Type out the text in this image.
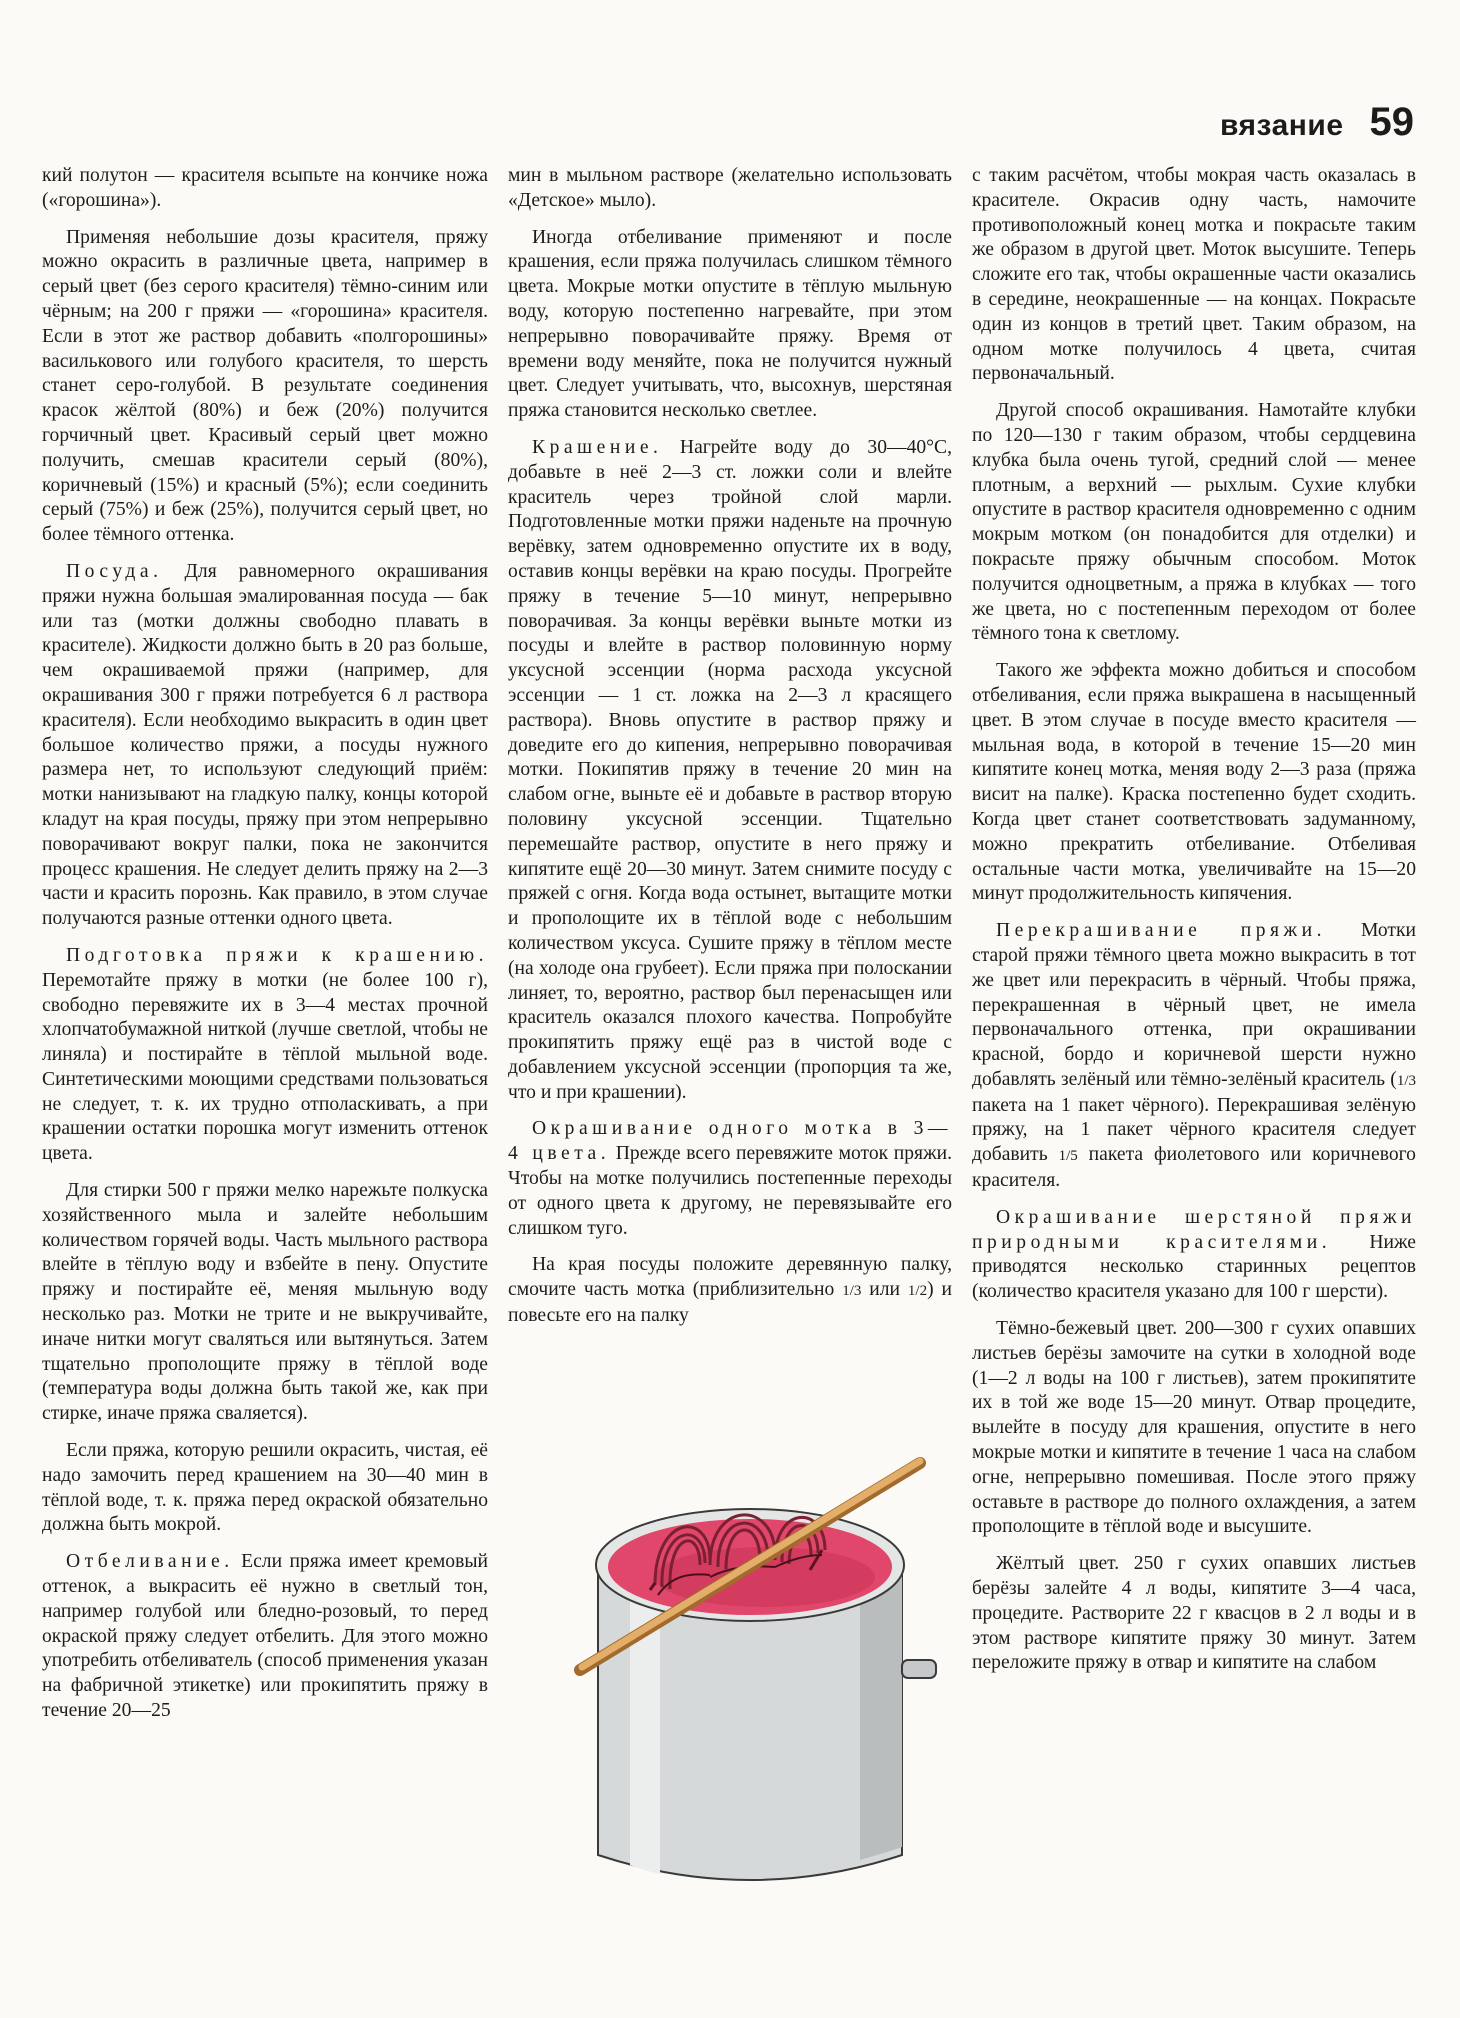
вязание 59

кий полутон — красителя всыпьте на кончике ножа («горошина»).

Применяя небольшие дозы красителя, пряжу можно окрасить в различные цвета, например в серый цвет (без серого красителя) тёмно-синим или чёрным; на 200 г пряжи — «горошина» красителя. Если в этот же раствор добавить «полгорошины» василькового или голубого красителя, то шерсть станет серо-голубой. В результате соединения красок жёлтой (80%) и беж (20%) получится горчичный цвет. Красивый серый цвет можно получить, смешав красители серый (80%), коричневый (15%) и красный (5%); если соединить серый (75%) и беж (25%), получится серый цвет, но более тёмного оттенка.

Посуда. Для равномерного окрашивания пряжи нужна большая эмалированная посуда — бак или таз (мотки должны свободно плавать в красителе). Жидкости должно быть в 20 раз больше, чем окрашиваемой пряжи (например, для окрашивания 300 г пряжи потребуется 6 л раствора красителя). Если необходимо выкрасить в один цвет большое количество пряжи, а посуды нужного размера нет, то используют следующий приём: мотки нанизывают на гладкую палку, концы которой кладут на края посуды, пряжу при этом непрерывно поворачивают вокруг палки, пока не закончится процесс крашения. Не следует делить пряжу на 2—3 части и красить порознь. Как правило, в этом случае получаются разные оттенки одного цвета.

Подготовка пряжи к крашению. Перемотайте пряжу в мотки (не более 100 г), свободно перевяжите их в 3—4 местах прочной хлопчатобумажной ниткой (лучше светлой, чтобы не линяла) и постирайте в тёплой мыльной воде. Синтетическими моющими средствами пользоваться не следует, т. к. их трудно отполаскивать, а при крашении остатки порошка могут изменить оттенок цвета.

Для стирки 500 г пряжи мелко нарежьте полкуска хозяйственного мыла и залейте небольшим количеством горячей воды. Часть мыльного раствора влейте в тёплую воду и взбейте в пену. Опустите пряжу и постирайте её, меняя мыльную воду несколько раз. Мотки не трите и не выкручивайте, иначе нитки могут сваляться или вытянуться. Затем тщательно прополощите пряжу в тёплой воде (температура воды должна быть такой же, как при стирке, иначе пряжа сваляется).

Если пряжа, которую решили окрасить, чистая, её надо замочить перед крашением на 30—40 мин в тёплой воде, т. к. пряжа перед окраской обязательно должна быть мокрой.

Отбеливание. Если пряжа имеет кремовый оттенок, а выкрасить её нужно в светлый тон, например голубой или бледно-розовый, то перед окраской пряжу следует отбелить. Для этого можно употребить отбеливатель (способ применения указан на фабричной этикетке) или прокипятить пряжу в течение 20—25

мин в мыльном растворе (желательно использовать «Детское» мыло).

Иногда отбеливание применяют и после крашения, если пряжа получилась слишком тёмного цвета. Мокрые мотки опустите в тёплую мыльную воду, которую постепенно нагревайте, при этом непрерывно поворачивайте пряжу. Время от времени воду меняйте, пока не получится нужный цвет. Следует учитывать, что, высохнув, шерстяная пряжа становится несколько светлее.

Крашение. Нагрейте воду до 30—40°С, добавьте в неё 2—3 ст. ложки соли и влейте краситель через тройной слой марли. Подготовленные мотки пряжи наденьте на прочную верёвку, затем одновременно опустите их в воду, оставив концы верёвки на краю посуды. Прогрейте пряжу в течение 5—10 минут, непрерывно поворачивая. За концы верёвки выньте мотки из посуды и влейте в раствор половинную норму уксусной эссенции (норма расхода уксусной эссенции — 1 ст. ложка на 2—3 л красящего раствора). Вновь опустите в раствор пряжу и доведите его до кипения, непрерывно поворачивая мотки. Покипятив пряжу в течение 20 мин на слабом огне, выньте её и добавьте в раствор вторую половину уксусной эссенции. Тщательно перемешайте раствор, опустите в него пряжу и кипятите ещё 20—30 минут. Затем снимите посуду с пряжей с огня. Когда вода остынет, вытащите мотки и прополощите их в тёплой воде с небольшим количеством уксуса. Сушите пряжу в тёплом месте (на холоде она грубеет). Если пряжа при полоскании линяет, то, вероятно, раствор был перенасыщен или краситель оказался плохого качества. Попробуйте прокипятить пряжу ещё раз в чистой воде с добавлением уксусной эссенции (пропорция та же, что и при крашении).

Окрашивание одного мотка в 3—4 цвета. Прежде всего перевяжите моток пряжи. Чтобы на мотке получились постепенные переходы от одного цвета к другому, не перевязывайте его слишком туго.

На края посуды положите деревянную палку, смочите часть мотка (приблизительно 1/3 или 1/2) и повесьте его на палку

с таким расчётом, чтобы мокрая часть оказалась в красителе. Окрасив одну часть, намочите противоположный конец мотка и покрасьте таким же образом в другой цвет. Моток высушите. Теперь сложите его так, чтобы окрашенные части оказались в середине, неокрашенные — на концах. Покрасьте один из концов в третий цвет. Таким образом, на одном мотке получилось 4 цвета, считая первоначальный.

Другой способ окрашивания. Намотайте клубки по 120—130 г таким образом, чтобы сердцевина клубка была очень тугой, средний слой — менее плотным, а верхний — рыхлым. Сухие клубки опустите в раствор красителя одновременно с одним мокрым мотком (он понадобится для отделки) и покрасьте пряжу обычным способом. Моток получится одноцветным, а пряжа в клубках — того же цвета, но с постепенным переходом от более тёмного тона к светлому.

Такого же эффекта можно добиться и способом отбеливания, если пряжа выкрашена в насыщенный цвет. В этом случае в посуде вместо красителя — мыльная вода, в которой в течение 15—20 мин кипятите конец мотка, меняя воду 2—3 раза (пряжа висит на палке). Краска постепенно будет сходить. Когда цвет станет соответствовать задуманному, можно прекратить отбеливание. Отбеливая остальные части мотка, увеличивайте на 15—20 минут продолжительность кипячения.

Перекрашивание пряжи. Мотки старой пряжи тёмного цвета можно выкрасить в тот же цвет или перекрасить в чёрный. Чтобы пряжа, перекрашенная в чёрный цвет, не имела первоначального оттенка, при окрашивании красной, бордо и коричневой шерсти нужно добавлять зелёный или тёмно-зелёный краситель (1/3 пакета на 1 пакет чёрного). Перекрашивая зелёную пряжу, на 1 пакет чёрного красителя следует добавить 1/5 пакета фиолетового или коричневого красителя.

Окрашивание шерстяной пряжи природными красителями. Ниже приводятся несколько старинных рецептов (количество красителя указано для 100 г шерсти).

Тёмно-бежевый цвет. 200—300 г сухих опавших листьев берёзы замочите на сутки в холодной воде (1—2 л воды на 100 г листьев), затем прокипятите их в той же воде 15—20 минут. Отвар процедите, вылейте в посуду для крашения, опустите в него мокрые мотки и кипятите в течение 1 часа на слабом огне, непрерывно помешивая. После этого пряжу оставьте в растворе до полного охлаждения, а затем прополощите в тёплой воде и высушите.

Жёлтый цвет. 250 г сухих опавших листьев берёзы залейте 4 л воды, кипятите 3—4 часа, процедите. Растворите 22 г квасцов в 2 л воды и в этом растворе кипятите пряжу 30 минут. Затем переложите пряжу в отвар и кипятите на слабом
